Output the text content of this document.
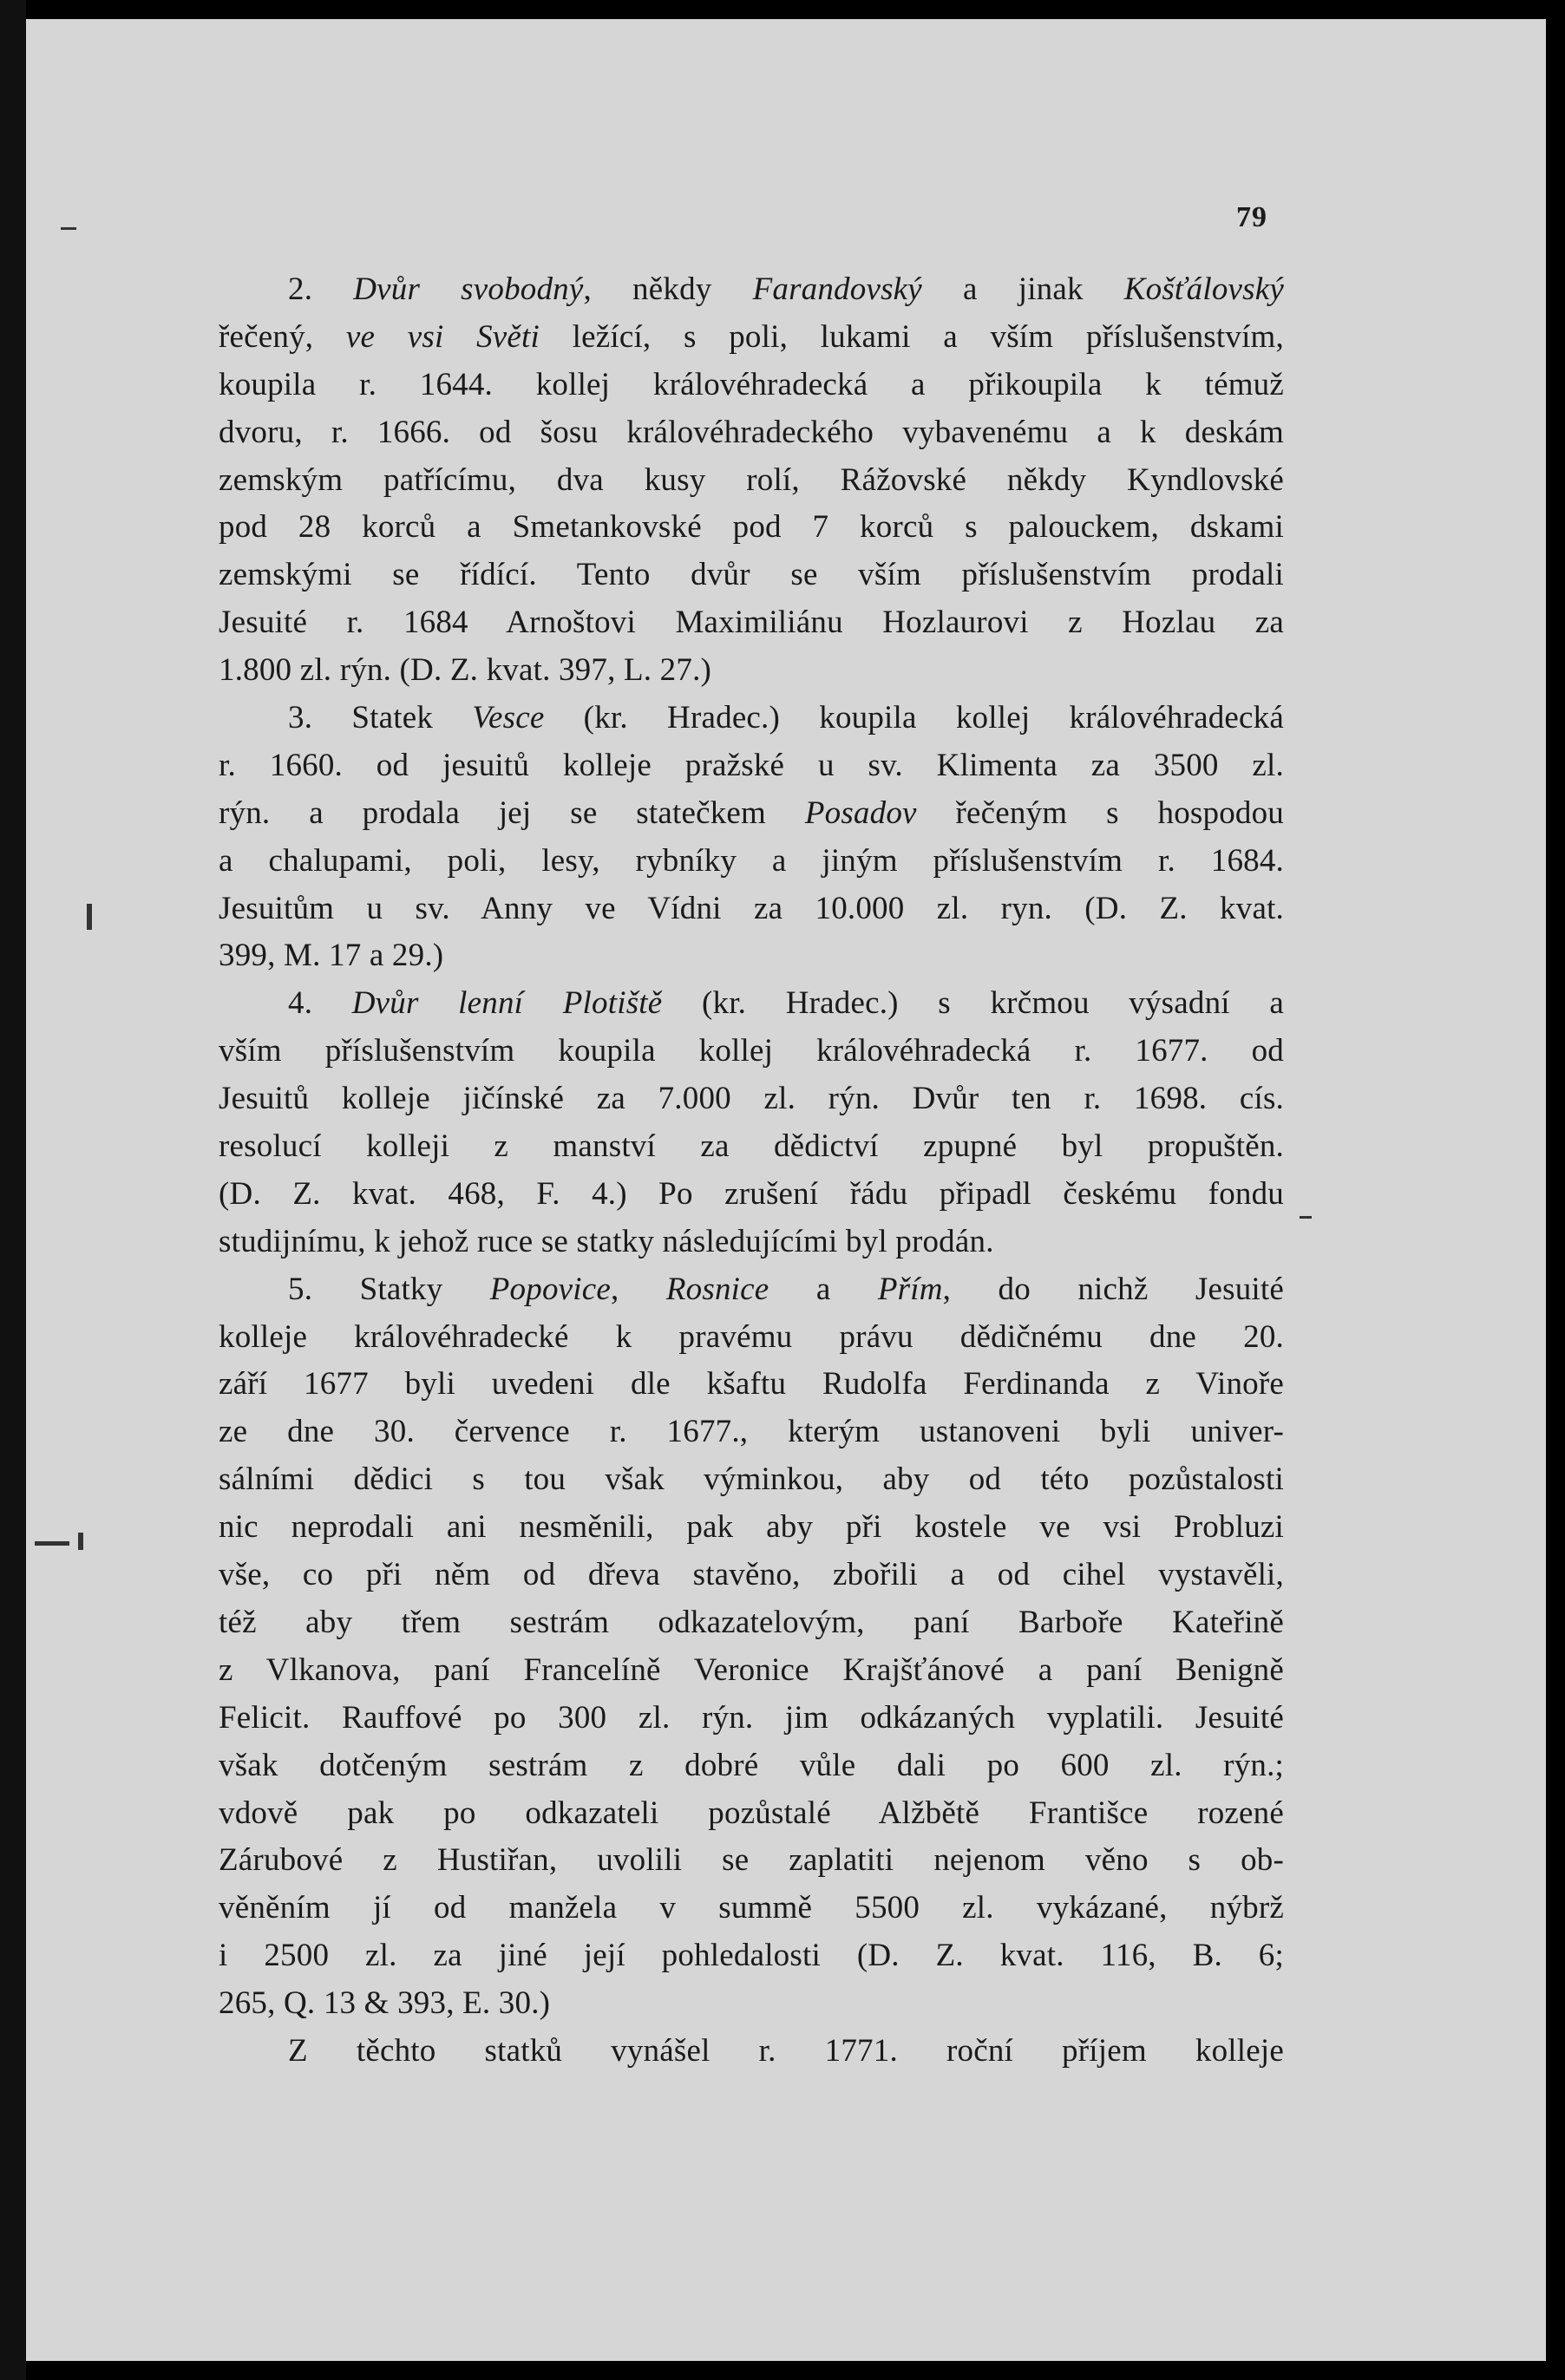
79
2. Dvůr svobodný, někdy Farandovský a jinak Košťálovský
řečený, ve vsi Světi ležící, s poli, lukami a vším příslušenstvím,
koupila r. 1644. kollej královéhradecká a přikoupila k témuž
dvoru, r. 1666. od šosu královéhradeckého vybavenému a k deskám
zemským patřícímu, dva kusy rolí, Rážovské někdy Kyndlovské
pod 28 korců a Smetankovské pod 7 korců s palouckem, dskami
zemskými se řídící. Tento dvůr se vším příslušenstvím prodali
Jesuité r. 1684 Arnoštovi Maximiliánu Hozlaurovi z Hozlau za
1.800 zl. rýn. (D. Z. kvat. 397, L. 27.)
3. Statek Vesce (kr. Hradec.) koupila kollej královéhradecká
r. 1660. od jesuitů kolleje pražské u sv. Klimenta za 3500 zl.
rýn. a prodala jej se statečkem Posadov řečeným s hospodou
a chalupami, poli, lesy, rybníky a jiným příslušenstvím r. 1684.
Jesuitům u sv. Anny ve Vídni za 10.000 zl. ryn. (D. Z. kvat.
399, M. 17 a 29.)
4. Dvůr lenní Plotiště (kr. Hradec.) s krčmou výsadní a
vším příslušenstvím koupila kollej královéhradecká r. 1677. od
Jesuitů kolleje jičínské za 7.000 zl. rýn. Dvůr ten r. 1698. cís.
resolucí kolleji z manství za dědictví zpupné byl propuštěn.
(D. Z. kvat. 468, F. 4.) Po zrušení řádu připadl českému fondu
studijnímu, k jehož ruce se statky následujícími byl prodán.
5. Statky Popovice, Rosnice a Přím, do nichž Jesuité
kolleje královéhradecké k pravému právu dědičnému dne 20.
září 1677 byli uvedeni dle kšaftu Rudolfa Ferdinanda z Vinoře
ze dne 30. července r. 1677., kterým ustanoveni byli univer-
sálními dědici s tou však výminkou, aby od této pozůstalosti
nic neprodali ani nesměnili, pak aby při kostele ve vsi Probluzi
vše, co při něm od dřeva stavěno, zbořili a od cihel vystavěli,
též aby třem sestrám odkazatelovým, paní Barboře Kateřině
z Vlkanova, paní Francelíně Veronice Krajšťánové a paní Benigně
Felicit. Rauffové po 300 zl. rýn. jim odkázaných vyplatili. Jesuité
však dotčeným sestrám z dobré vůle dali po 600 zl. rýn.;
vdově pak po odkazateli pozůstalé Alžbětě Františce rozené
Zárubové z Hustiřan, uvolili se zaplatiti nejenom věno s ob-
věněním jí od manžela v summě 5500 zl. vykázané, nýbrž
i 2500 zl. za jiné její pohledalosti (D. Z. kvat. 116, B. 6;
265, Q. 13 & 393, E. 30.)
Z těchto statků vynášel r. 1771. roční příjem kolleje
